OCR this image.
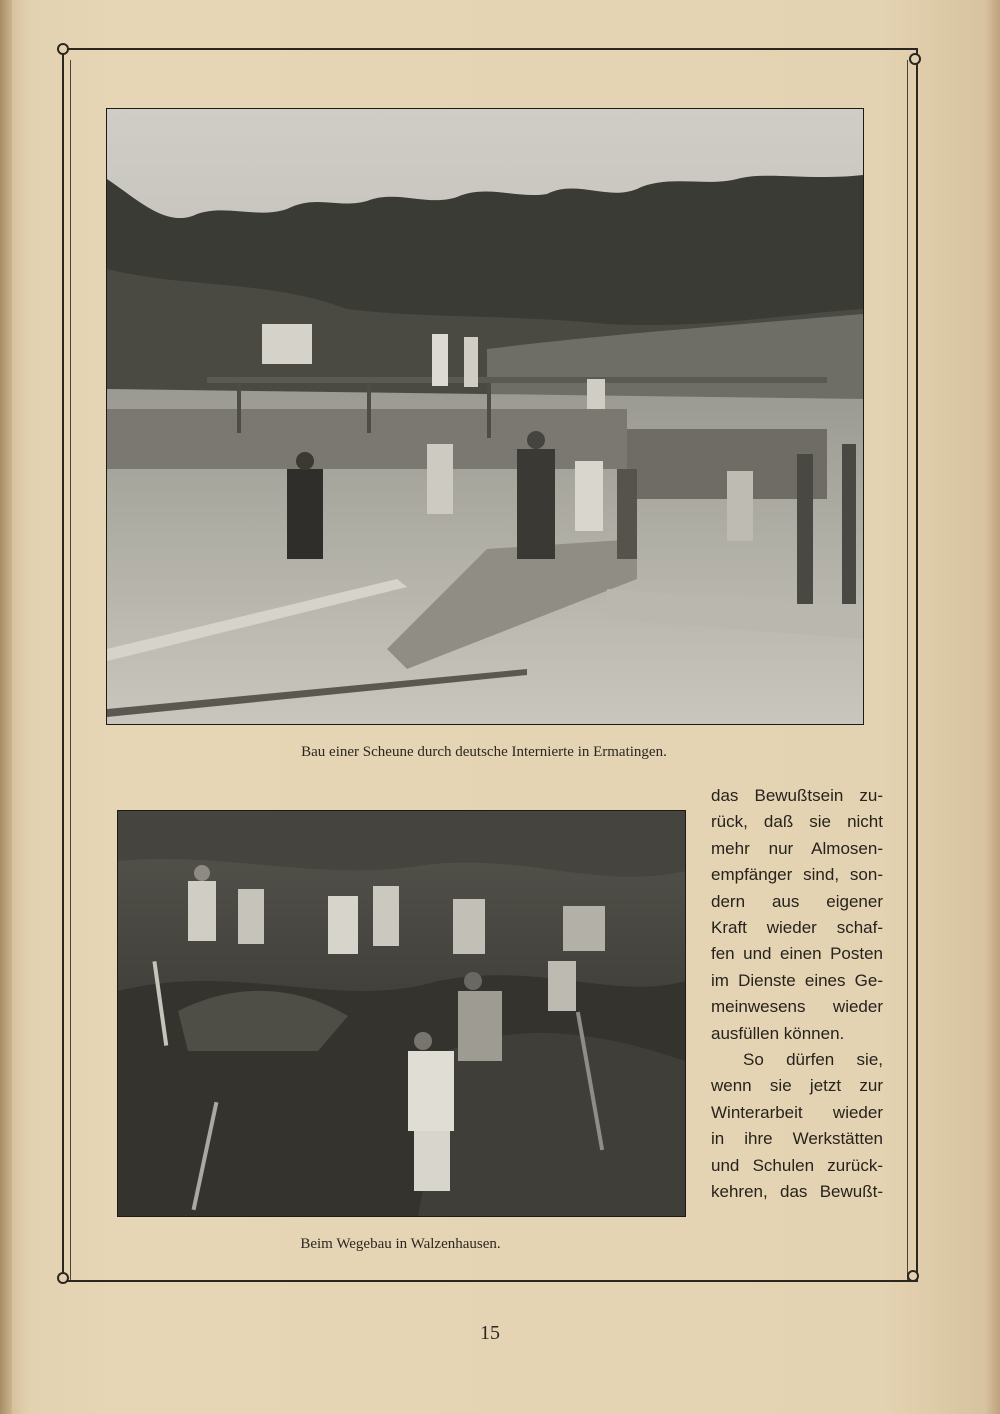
Bau einer Scheune durch deutsche Internierte in Ermatingen.
Beim Wegebau in Walzenhausen.
das Bewußtsein zu-
rück, daß sie nicht
mehr nur Almosen-
empfänger sind, son-
dern aus eigener
Kraft wieder schaf-
fen und einen Posten
im Dienste eines Ge-
meinwesens wieder
ausfüllen können.
So dürfen sie,
wenn sie jetzt zur
Winterarbeit wieder
in ihre Werkstätten
und Schulen zurück-
kehren, das Bewußt-
15
